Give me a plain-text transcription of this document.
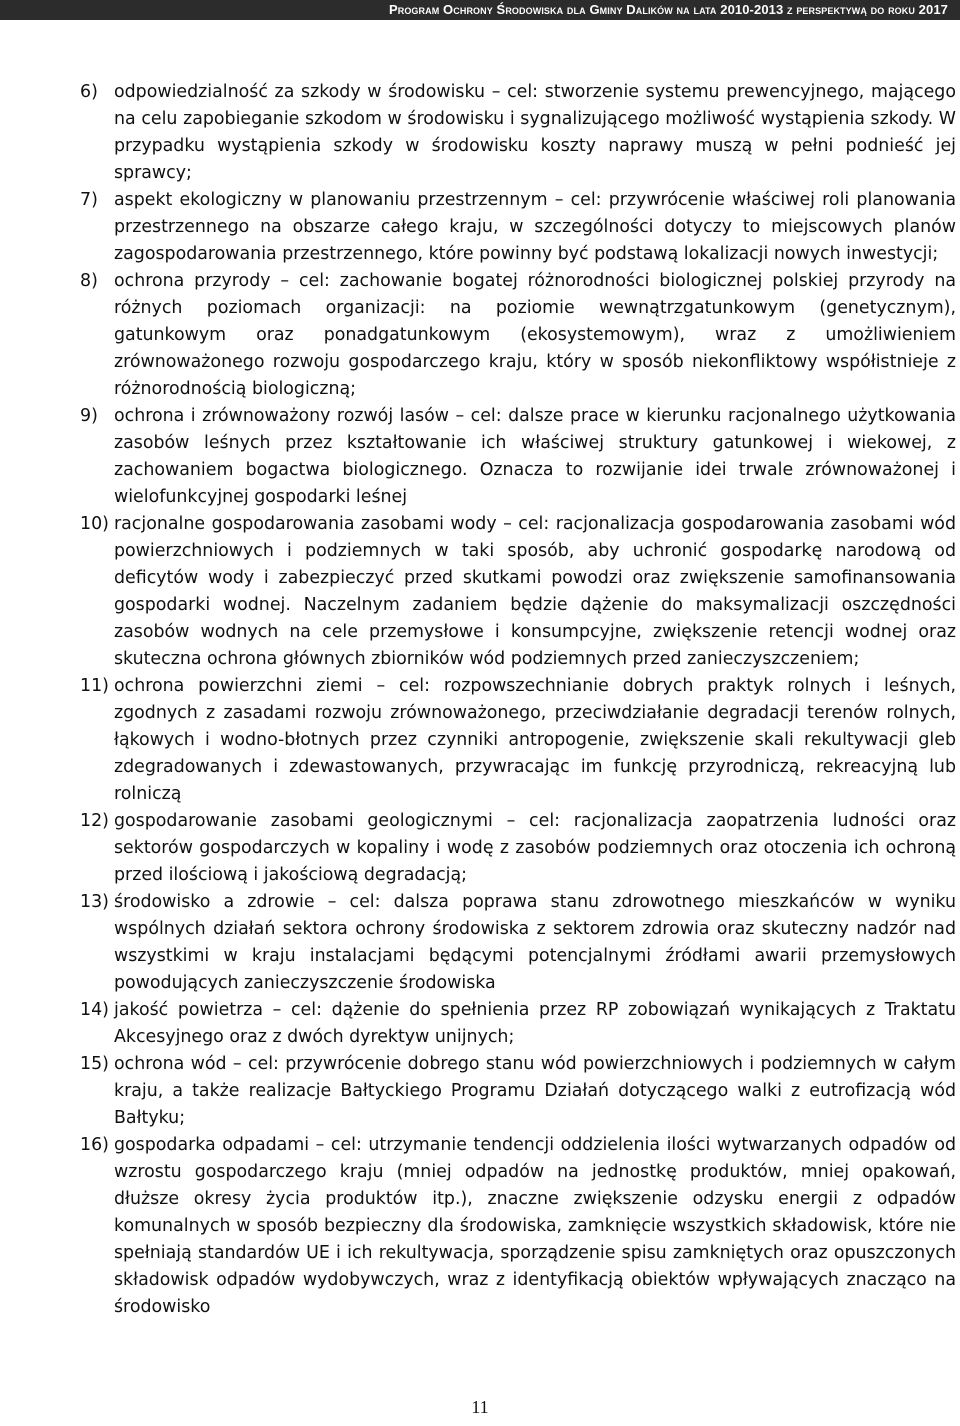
Program Ochrony Środowiska dla Gminy Dalików na lata 2010-2013 z perspektywą do roku 2017
6) odpowiedzialność za szkody w środowisku – cel: stworzenie systemu prewencyjnego, mającego na celu zapobieganie szkodom w środowisku i sygnalizującego możliwość wystąpienia szkody. W przypadku wystąpienia szkody w środowisku koszty naprawy muszą w pełni podnieść jej sprawcy;
7) aspekt ekologiczny w planowaniu przestrzennym – cel: przywrócenie właściwej roli planowania przestrzennego na obszarze całego kraju, w szczególności dotyczy to miejscowych planów zagospodarowania przestrzennego, które powinny być podstawą lokalizacji nowych inwestycji;
8) ochrona przyrody – cel: zachowanie bogatej różnorodności biologicznej polskiej przyrody na różnych poziomach organizacji: na poziomie wewnątrzgatunkowym (genetycznym), gatunkowym oraz ponadgatunkowym (ekosystemowym), wraz z umożliwieniem zrównoważonego rozwoju gospodarczego kraju, który w sposób niekonfliktowy współistnieje z różnorodnością biologiczną;
9) ochrona i zrównoważony rozwój lasów – cel: dalsze prace w kierunku racjonalnego użytkowania zasobów leśnych przez kształtowanie ich właściwej struktury gatunkowej i wiekowej, z zachowaniem bogactwa biologicznego. Oznacza to rozwijanie idei trwale zrównoważonej i wielofunkcyjnej gospodarki leśnej
10) racjonalne gospodarowania zasobami wody – cel: racjonalizacja gospodarowania zasobami wód powierzchniowych i podziemnych w taki sposób, aby uchronić gospodarkę narodową od deficytów wody i zabezpieczyć przed skutkami powodzi oraz zwiększenie samofinansowania gospodarki wodnej. Naczelnym zadaniem będzie dążenie do maksymalizacji oszczędności zasobów wodnych na cele przemysłowe i konsumpcyjne, zwiększenie retencji wodnej oraz skuteczna ochrona głównych zbiorników wód podziemnych przed zanieczyszczeniem;
11) ochrona powierzchni ziemi – cel: rozpowszechnianie dobrych praktyk rolnych i leśnych, zgodnych z zasadami rozwoju zrównoważonego, przeciwdziałanie degradacji terenów rolnych, łąkowych i wodno-błotnych przez czynniki antropogenie, zwiększenie skali rekultywacji gleb zdegradowanych i zdewastowanych, przywracając im funkcję przyrodniczą, rekreacyjną lub rolniczą
12) gospodarowanie zasobami geologicznymi – cel: racjonalizacja zaopatrzenia ludności oraz sektorów gospodarczych w kopaliny i wodę z zasobów podziemnych oraz otoczenia ich ochroną przed ilościową i jakościową degradacją;
13) środowisko a zdrowie – cel: dalsza poprawa stanu zdrowotnego mieszkańców w wyniku wspólnych działań sektora ochrony środowiska z sektorem zdrowia oraz skuteczny nadzór nad wszystkimi w kraju instalacjami będącymi potencjalnymi źródłami awarii przemysłowych powodujących zanieczyszczenie środowiska
14) jakość powietrza – cel: dążenie do spełnienia przez RP zobowiązań wynikających z Traktatu Akcesyjnego oraz z dwóch dyrektyw unijnych;
15) ochrona wód – cel: przywrócenie dobrego stanu wód powierzchniowych i podziemnych w całym kraju, a także realizacje Bałtyckiego Programu Działań dotyczącego walki z eutrofizacją wód Bałtyku;
16) gospodarka odpadami – cel: utrzymanie tendencji oddzielenia ilości wytwarzanych odpadów od wzrostu gospodarczego kraju (mniej odpadów na jednostkę produktów, mniej opakowań, dłuższe okresy życia produktów itp.), znaczne zwiększenie odzysku energii z odpadów komunalnych w sposób bezpieczny dla środowiska, zamknięcie wszystkich składowisk, które nie spełniają standardów UE i ich rekultywacja, sporządzenie spisu zamkniętych oraz opuszczonych składowisk odpadów wydobywczych, wraz z identyfikacją obiektów wpływających znacząco na środowisko
11
